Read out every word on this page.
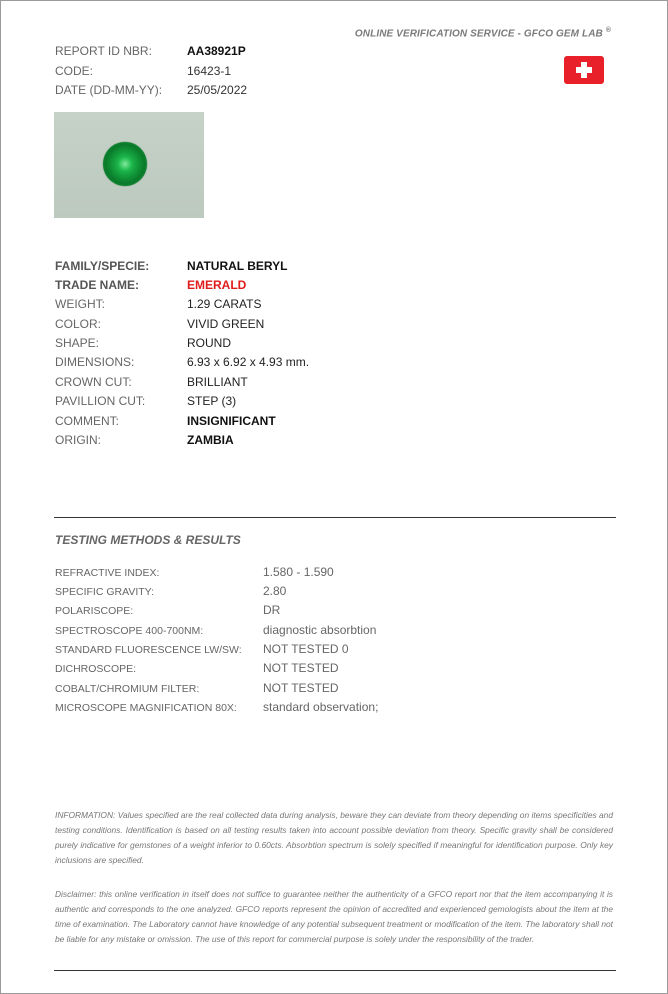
ONLINE VERIFICATION SERVICE - GFCO GEM LAB ®
REPORT ID NBR:	AA38921P
CODE:	16423-1
DATE (DD-MM-YY): 25/05/2022
FAMILY/SPECIE:	NATURAL BERYL
TRADE NAME:	EMERALD
WEIGHT:	1.29 CARATS
COLOR:	VIVID GREEN
SHAPE:	ROUND
DIMENSIONS:	6.93 x 6.92 x 4.93 mm.
CROWN CUT:	BRILLIANT
PAVILLION CUT:	STEP (3)
COMMENT:	INSIGNIFICANT
ORIGIN:	ZAMBIA
TESTING METHODS & RESULTS
REFRACTIVE INDEX:	1.580 - 1.590
SPECIFIC GRAVITY:	2.80
POLARISCOPE:	DR
SPECTROSCOPE 400-700NM:	diagnostic absorbtion
STANDARD FLUORESCENCE LW/SW: NOT TESTED 0
DICHROSCOPE:	NOT TESTED
COBALT/CHROMIUM FILTER:	NOT TESTED
MICROSCOPE MAGNIFICATION 80X: standard observation;
INFORMATION: Values specified are the real collected data during analysis, beware they can deviate from theory depending on items specificities and testing conditions. Identification is based on all testing results taken into account possible deviation from theory. Specific gravity shall be considered purely indicative for gemstones of a weight inferior to 0.60cts. Absorbtion spectrum is solely specified if meaningful for identification purpose. Only key inclusions are specified.
Disclaimer: this online verification in itself does not suffice to guarantee neither the authenticity of a GFCO report nor that the item accompanying it is authentic and corresponds to the one analyzed. GFCO reports represent the opinion of accredited and experienced gemologists about the item at the time of examination. The Laboratory cannot have knowledge of any potential subsequent treatment or modification of the item. The laboratory shall not be liable for any mistake or omission. The use of this report for commercial purpose is solely under the responsibility of the trader.
